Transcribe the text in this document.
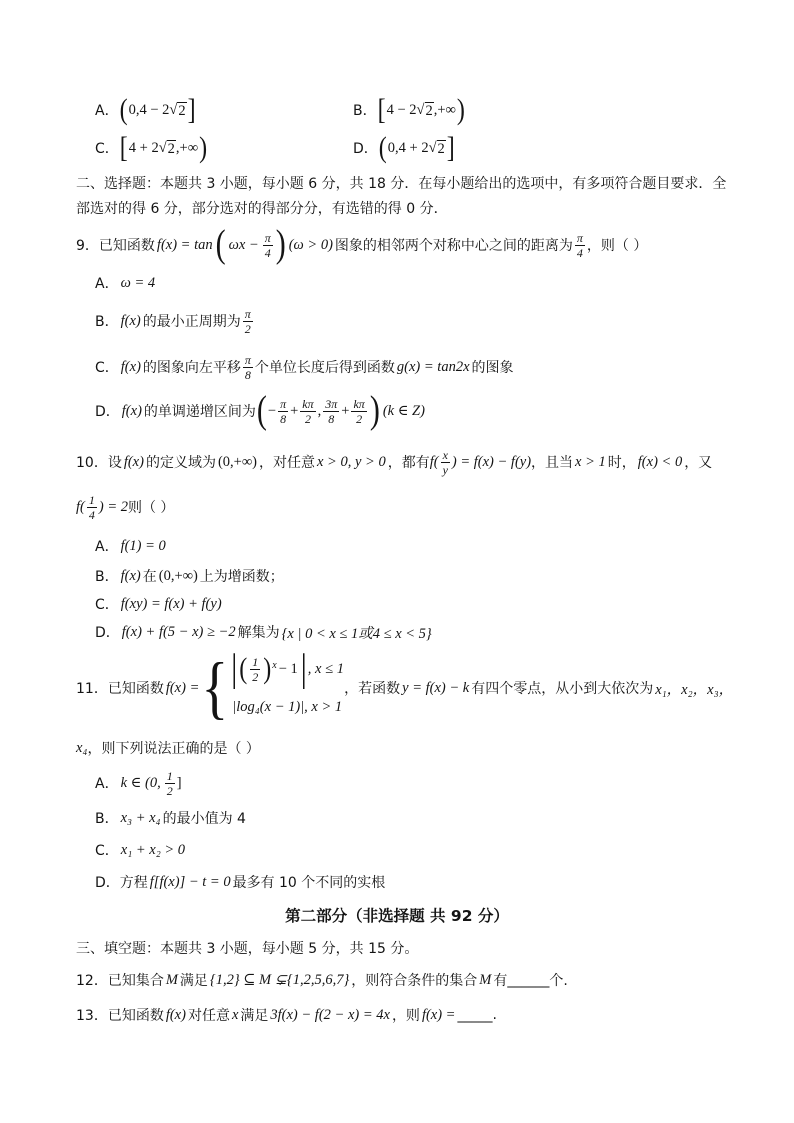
A． ( 0,4 − 2√ 2 ]	B． [ 4 − 2√ 2 ,+∞ )
C． [ 4 + 2√ 2 ,+∞ )	D． ( 0,4 + 2√ 2 ]
二、选择题：本题共 3 小题，每小题 6 分，共 18 分．在每小题给出的选项中，有多项符合题目要求．全
部选对的得 6 分，部分选对的得部分分，有选错的得 0 分．
9． 已知函数 f(x) = tan ( $\omega x - \frac{\pi}{4}$ ) (ω > 0) 图象的相邻两个对称中心之间的距离为 $\frac{\pi}{4}$ ，则（ ）
A． ω = 4
B． f(x) 的最小正周期为 $\frac{\pi}{2}$
C． f(x) 的图象向左平移 $\frac{\pi}{8}$ 个单位长度后得到函数 g(x) = tan2x 的图象
D． f(x) 的单调递增区间为 ( − $\frac{\pi}{8} + \frac{k\pi}{2}$ , $\frac{3\pi}{8} + \frac{k\pi}{2}$ ) (k ∈ Z)
10． 设 f(x) 的定义域为 (0,+∞) ，对任意 x > 0, y > 0 ，都有 $f( \frac{x}{y}$ ) = f(x) − f(y) ，且当 x > 1 时， f(x) < 0 ，又
$f( \frac{1}{4}$ ) = 2 则（ ）
A． f(1) = 0
B． f(x) 在 (0,+∞) 上为增函数；
C． f(xy) = f(x) + f(y)
D． f(x) + f(5 − x) ≥ −2 解集为 {x | 0 < x ≤ 1或4 ≤ x < 5}
11． 已知函数 f(x) = { | ( $\frac{1}{2}$ ) x − 1 | , x ≤ 1
|log₄(x − 1)|, x > 1
，若函数 y = f(x) − k 有四个零点，从小到大依次为 x₁，x₂，x₃，
x₄ ，则下列说法正确的是（ ）
A． k ∈ (0, $\frac{1}{2}$ ]
B． x₃ + x₄ 的最小值为 4
C． x₁ + x₂ > 0
D． 方程 f[f(x)] − t = 0 最多有 10 个不同的实根
第二部分（非选择题 共 92 分）
三、填空题：本题共 3 小题，每小题 5 分，共 15 分。
12．已知集合 M 满足 {1,2} ⊆ M ⊊{1,2,5,6,7} ，则符合条件的集合 M 有 ______ 个.
13．已知函数 f(x) 对任意 x 满足 3f(x) − f(2 − x) = 4x ，则 f(x) = _____ .
